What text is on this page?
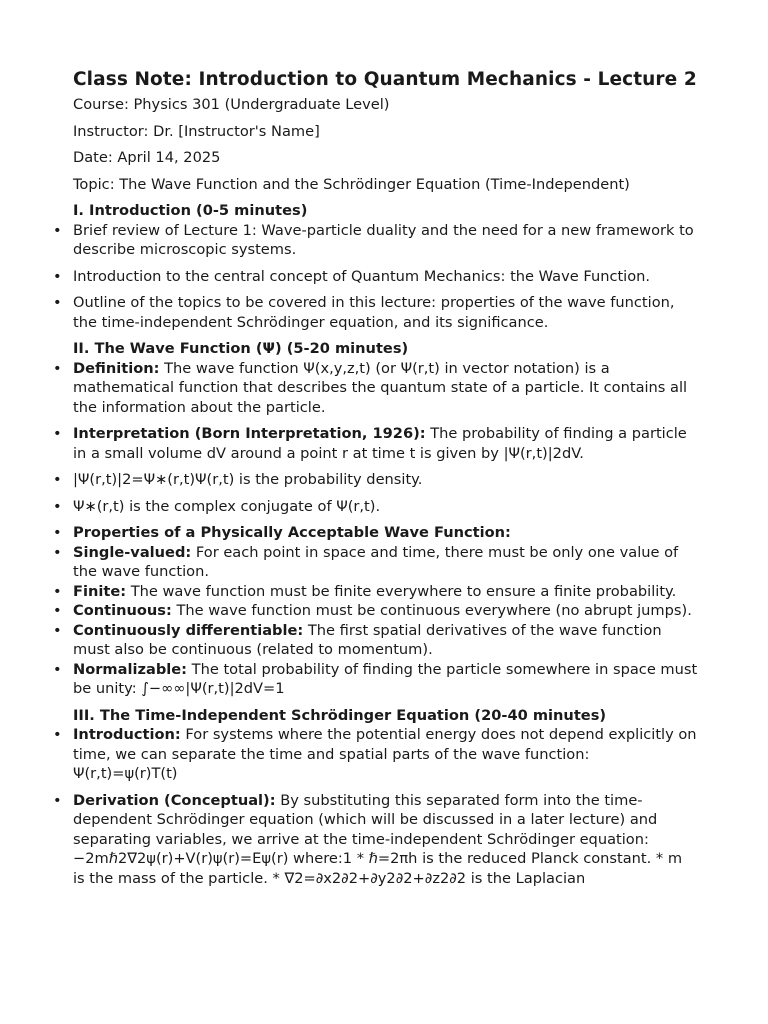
Class Note: Introduction to Quantum Mechanics - Lecture 2

Course: Physics 301 (Undergraduate Level)

Instructor: Dr. [Instructor's Name]

Date: April 14, 2025

Topic: The Wave Function and the Schrödinger Equation (Time-Independent)

I. Introduction (0-5 minutes)
• Brief review of Lecture 1: Wave-particle duality and the need for a new framework to describe microscopic systems.
• Introduction to the central concept of Quantum Mechanics: the Wave Function.
• Outline of the topics to be covered in this lecture: properties of the wave function, the time-independent Schrödinger equation, and its significance.
II. The Wave Function (Ψ) (5-20 minutes)
• Definition: The wave function Ψ(x,y,z,t) (or Ψ(r,t) in vector notation) is a mathematical function that describes the quantum state of a particle. It contains all the information about the particle.
• Interpretation (Born Interpretation, 1926): The probability of finding a particle in a small volume dV around a point r at time t is given by |Ψ(r,t)|2dV.
• |Ψ(r,t)|2=Ψ∗(r,t)Ψ(r,t) is the probability density.
• Ψ∗(r,t) is the complex conjugate of Ψ(r,t).
• Properties of a Physically Acceptable Wave Function:
• Single-valued: For each point in space and time, there must be only one value of the wave function.
• Finite: The wave function must be finite everywhere to ensure a finite probability.
• Continuous: The wave function must be continuous everywhere (no abrupt jumps).
• Continuously differentiable: The first spatial derivatives of the wave function must also be continuous (related to momentum).
• Normalizable: The total probability of finding the particle somewhere in space must be unity: ∫−∞∞|Ψ(r,t)|2dV=1
III. The Time-Independent Schrödinger Equation (20-40 minutes)
• Introduction: For systems where the potential energy does not depend explicitly on time, we can separate the time and spatial parts of the wave function: Ψ(r,t)=ψ(r)T(t)
• Derivation (Conceptual): By substituting this separated form into the time-dependent Schrödinger equation (which will be discussed in a later lecture) and separating variables, we arrive at the time-independent Schrödinger equation: −2mℏ2∇2ψ(r)+V(r)ψ(r)=Eψ(r) where:1 * ℏ=2πh is the reduced Planck constant. * m is the mass of the particle. * ∇2=∂x2∂2+∂y2∂2+∂z2∂2 is the Laplacian
